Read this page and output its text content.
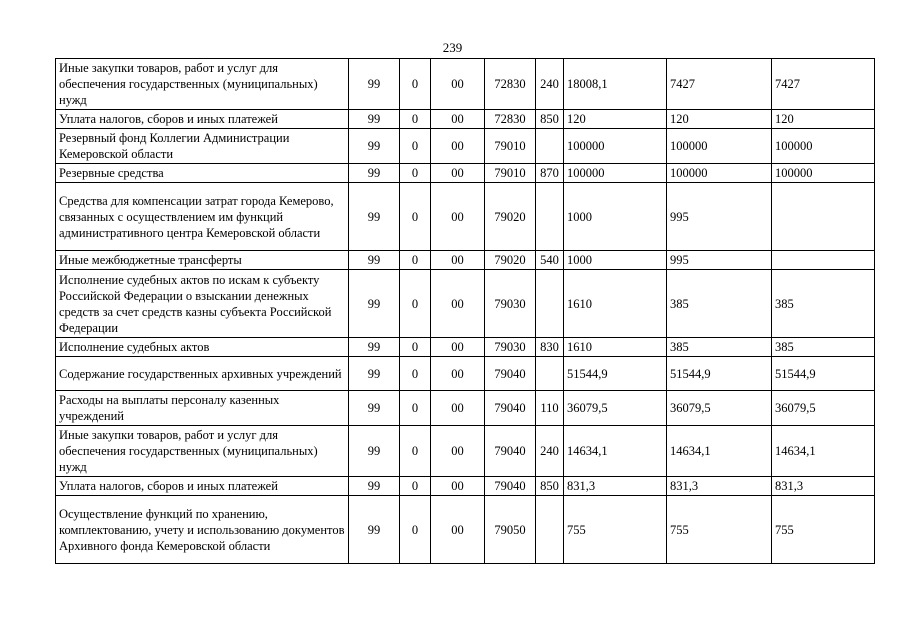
239
Иные закупки товаров, работ и услуг для обеспечения государственных (муниципальных) нужд	99	0	00	72830	240	18008,1	7427	7427
Уплата налогов, сборов и иных платежей	99	0	00	72830	850	120	120	120
Резервный фонд Коллегии Администрации Кемеровской области	99	0	00	79010		100000	100000	100000
Резервные средства	99	0	00	79010	870	100000	100000	100000
Средства для компенсации затрат города Кемерово, связанных с осуществлением им функций административного центра Кемеровской области	99	0	00	79020		1000	995	
Иные межбюджетные трансферты	99	0	00	79020	540	1000	995	
Исполнение судебных актов по искам к субъекту Российской Федерации о взыскании денежных средств за счет средств казны субъекта Российской Федерации	99	0	00	79030		1610	385	385
Исполнение судебных актов	99	0	00	79030	830	1610	385	385
Содержание государственных архивных учреждений	99	0	00	79040		51544,9	51544,9	51544,9
Расходы на выплаты персоналу казенных учреждений	99	0	00	79040	110	36079,5	36079,5	36079,5
Иные закупки товаров, работ и услуг для обеспечения государственных (муниципальных) нужд	99	0	00	79040	240	14634,1	14634,1	14634,1
Уплата налогов, сборов и иных платежей	99	0	00	79040	850	831,3	831,3	831,3
Осуществление функций по хранению, комплектованию, учету и использованию документов Архивного фонда Кемеровской области	99	0	00	79050		755	755	755
